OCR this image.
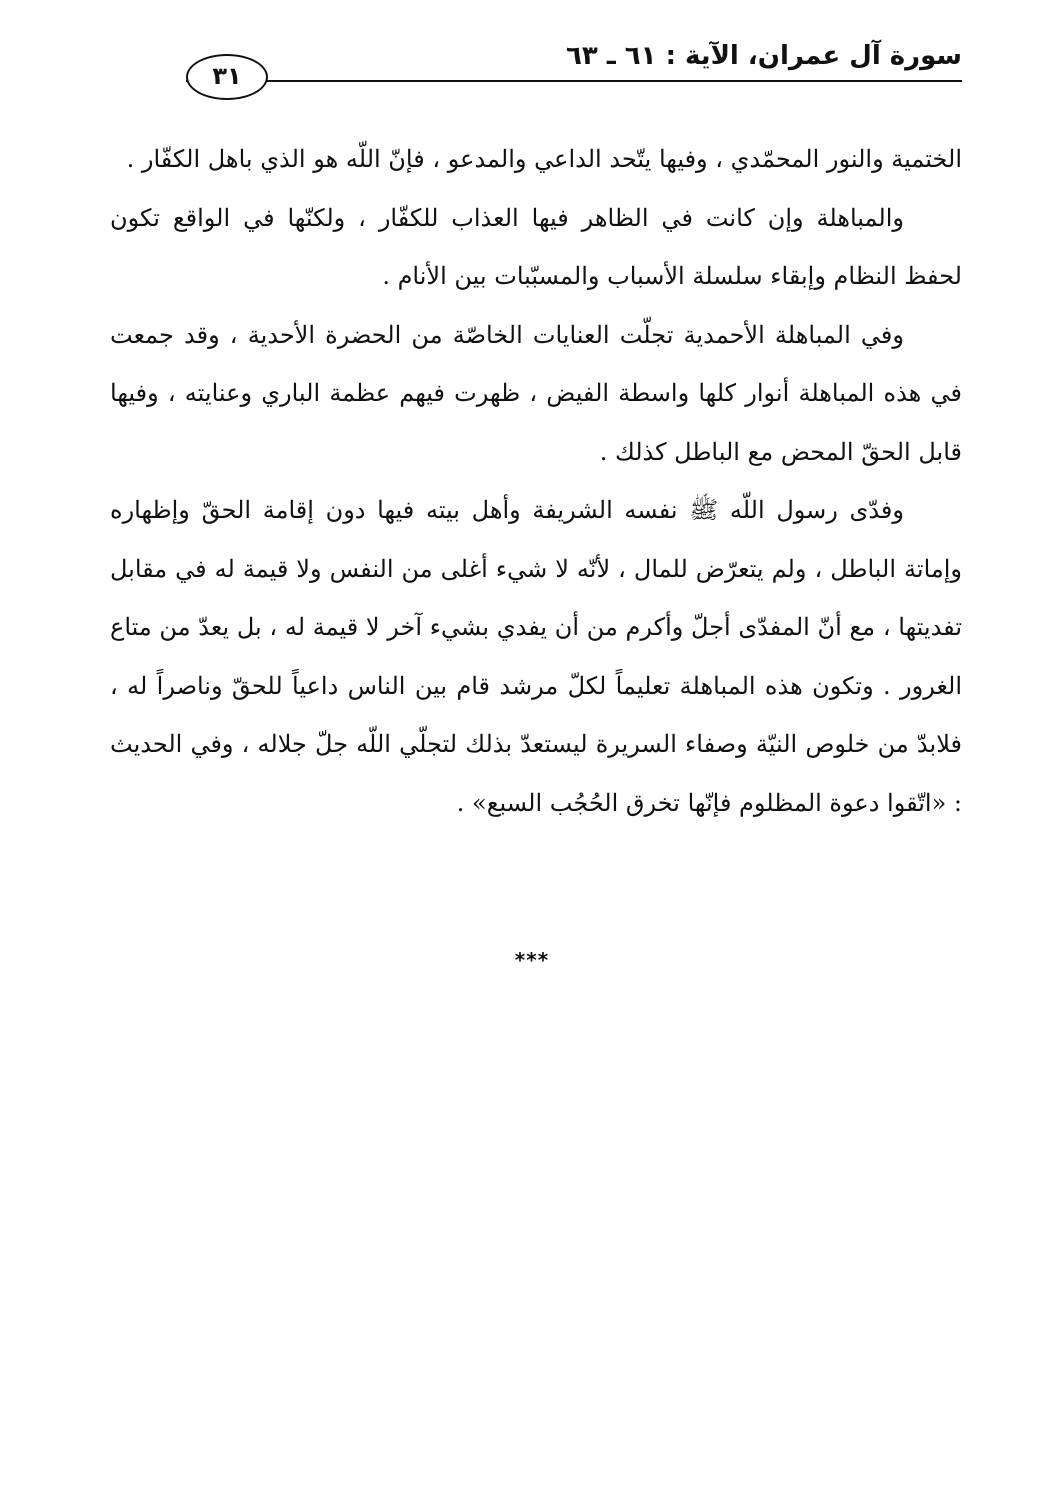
سورة آل عمران، الآية : ٦١ ـ ٦٣
٣١

الختمية والنور المحمّدي ، وفيها يتّحد الداعي والمدعو ، فإنّ اللّه هو الذي باهل الكفّار .

والمباهلة وإن كانت في الظاهر فيها العذاب للكفّار ، ولكنّها في الواقع تكون لحفظ النظام وإبقاء سلسلة الأسباب والمسبّبات بين الأنام .

وفي المباهلة الأحمدية تجلّت العنايات الخاصّة من الحضرة الأحدية ، وقد جمعت في هذه المباهلة أنوار كلها واسطة الفيض ، ظهرت فيهم عظمة الباري وعنايته ، وفيها قابل الحقّ المحض مع الباطل كذلك .

وفدّى رسول اللّه ﷺ نفسه الشريفة وأهل بيته فيها دون إقامة الحقّ وإظهاره وإماتة الباطل ، ولم يتعرّض للمال ، لأنّه لا شيء أغلى من النفس ولا قيمة له في مقابل تفديتها ، مع أنّ المفدّى أجلّ وأكرم من أن يفدي بشيء آخر لا قيمة له ، بل يعدّ من متاع الغرور . وتكون هذه المباهلة تعليماً لكلّ مرشد قام بين الناس داعياً للحقّ وناصراً له ، فلابدّ من خلوص النيّة وصفاء السريرة ليستعدّ بذلك لتجلّي اللّه جلّ جلاله ، وفي الحديث : «اتّقوا دعوة المظلوم فإنّها تخرق الحُجُب السبع» .

***
